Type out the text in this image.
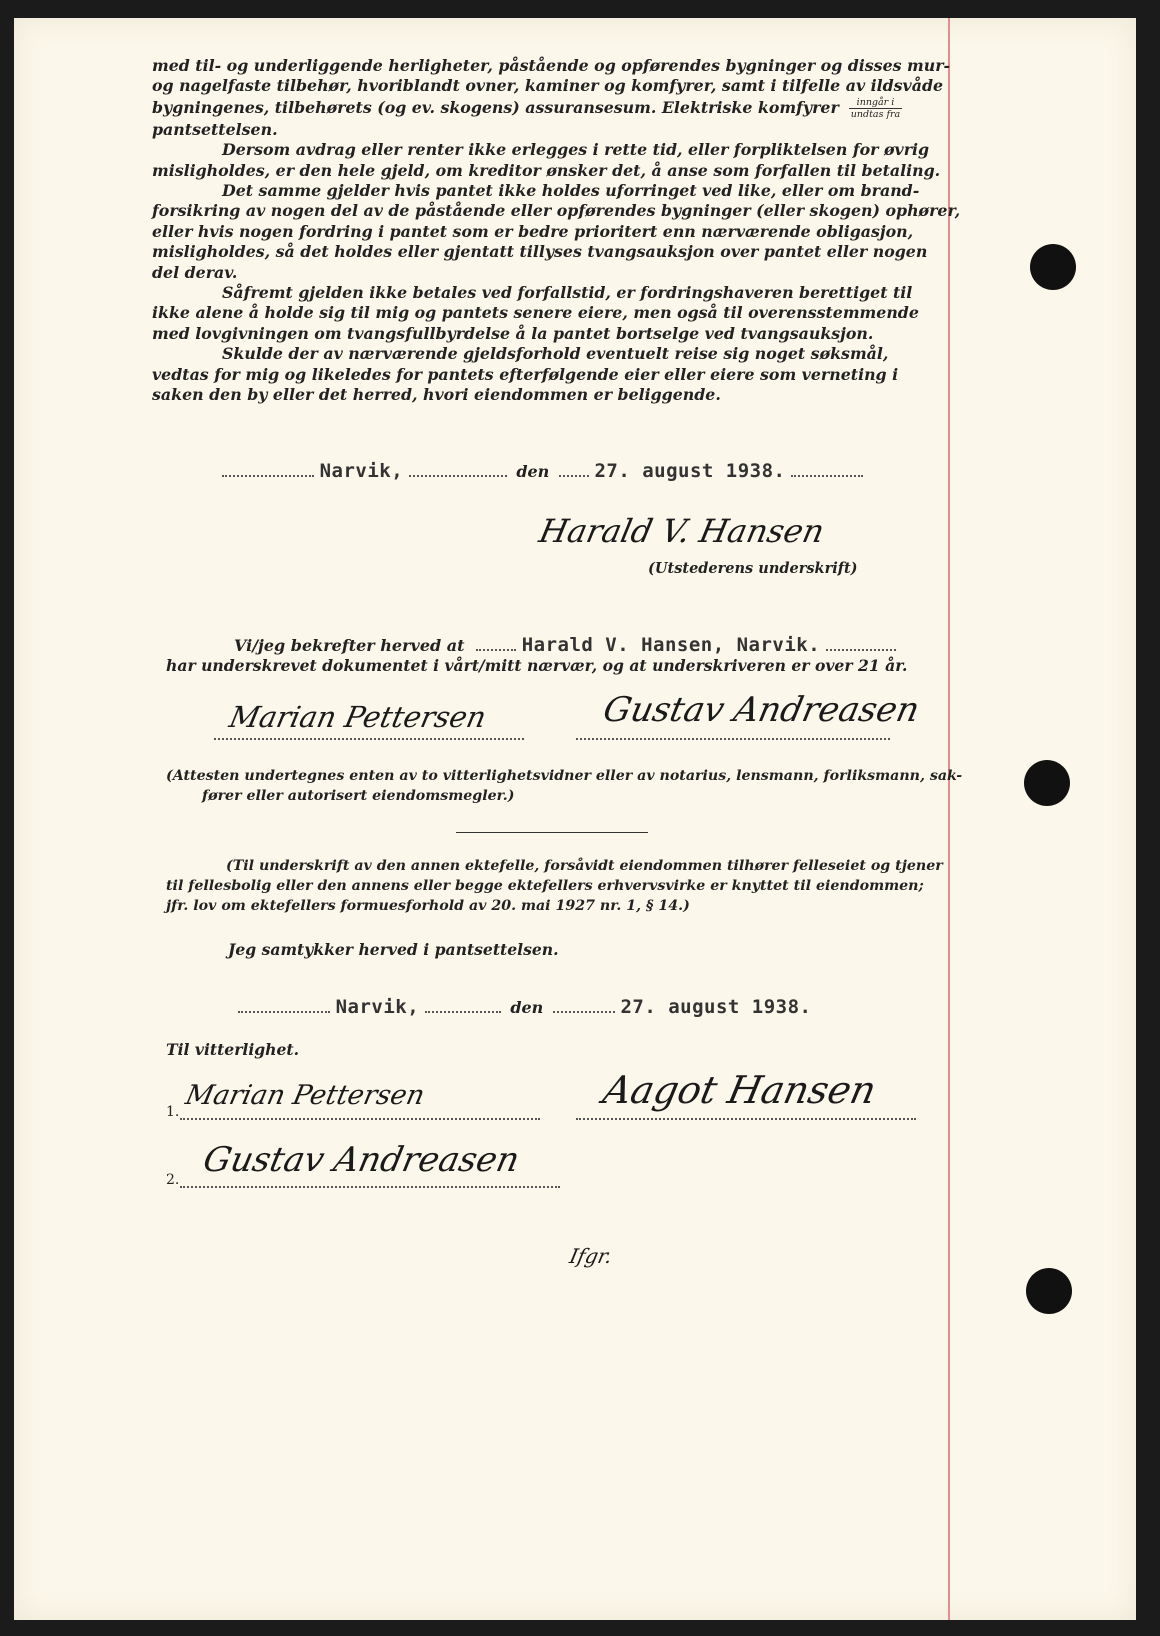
med til- og underliggende herligheter, påstående og opførendes bygninger og disses mur-
og nagelfaste tilbehør, hvoriblandt ovner, kaminer og komfyrer, samt i tilfelle av ildsvåde
bygningenes, tilbehørets (og ev. skogens) assuransesum. Elektriske komfyrer $\frac{\text{inngår i}}{\text{undtas fra}}$
pantsettelsen.
Dersom avdrag eller renter ikke erlegges i rette tid, eller forpliktelsen for øvrig
misligholdes, er den hele gjeld, om kreditor ønsker det, å anse som forfallen til betaling.
Det samme gjelder hvis pantet ikke holdes uforringet ved like, eller om brand-
forsikring av nogen del av de påstående eller opførendes bygninger (eller skogen) ophører,
eller hvis nogen fordring i pantet som er bedre prioritert enn nærværende obligasjon,
misligholdes, så det holdes eller gjentatt tillyses tvangsauksjon over pantet eller nogen
del derav.
Såfremt gjelden ikke betales ved forfallstid, er fordringshaveren berettiget til
ikke alene å holde sig til mig og pantets senere eiere, men også til overensstemmende
med lovgivningen om tvangsfullbyrdelse å la pantet bortselge ved tvangsauksjon.
Skulde der av nærværende gjeldsforhold eventuelt reise sig noget søksmål,
vedtas for mig og likeledes for pantets efterfølgende eier eller eiere som verneting i
saken den by eller det herred, hvori eiendommen er beliggende.
Narvik,	den 27. august 1938.
Harald V. Hansen
(Utstederens underskrift)
Vi/jeg bekrefter herved at	Harald V. Hansen, Narvik.
har underskrevet dokumentet i vårt/mitt nærvær, og at underskriveren er over 21 år.
Marian Pettersen	Gustav Andreasen
(Attesten undertegnes enten av to vitterlighetsvidner eller av notarius, lensmann, forliksmann, sak-
fører eller autorisert eiendomsmegler.)
(Til underskrift av den annen ektefelle, forsåvidt eiendommen tilhører felleseiet og tjener
til fellesbolig eller den annens eller begge ektefellers erhvervsvirke er knyttet til eiendommen;
jfr. lov om ektefellers formuesforhold av 20. mai 1927 nr. 1, § 14.)
Jeg samtykker herved i pantsettelsen.
Narvik,	den	27. august 1938.
Til vitterlighet.
1.
Marian Pettersen	Aagot Hansen
2. Gustav Andreasen
Ifgr.
